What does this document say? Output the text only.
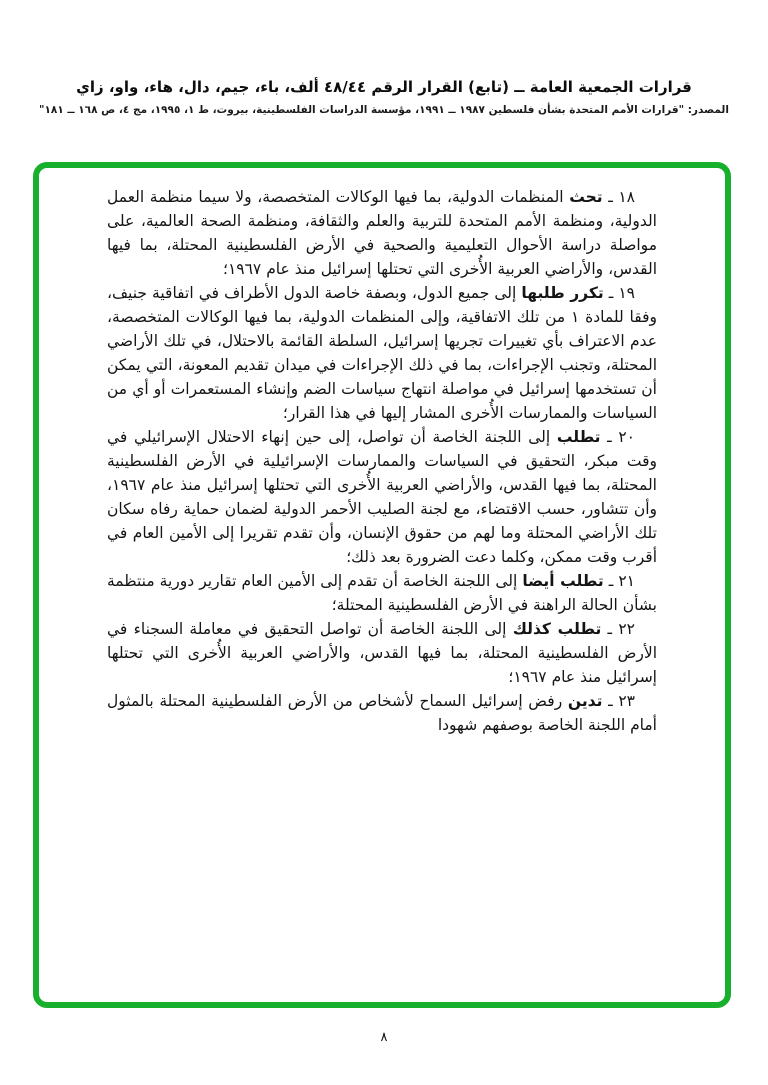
قرارات الجمعية العامة ــ (تابع) القرار الرقم ٤٨/٤٤ ألف، باء، جيم، دال، هاء، واو، زاي
المصدر: "قرارات الأمم المتحدة بشأن فلسطين ١٩٨٧ ــ ١٩٩١، مؤسسة الدراسات الفلسطينية، بيروت، ط ١، ١٩٩٥، مج ٤، ص ١٦٨ ــ ١٨١"

١٨ ـ تحث المنظمات الدولية، بما فيها الوكالات المتخصصة، ولا سيما منظمة العمل الدولية، ومنظمة الأمم المتحدة للتربية والعلم والثقافة، ومنظمة الصحة العالمية، على مواصلة دراسة الأحوال التعليمية والصحية في الأرض الفلسطينية المحتلة، بما فيها القدس، والأراضي العربية الأُخرى التي تحتلها إسرائيل منذ عام ١٩٦٧؛

١٩ ـ تكرر طلبها إلى جميع الدول، وبصفة خاصة الدول الأطراف في اتفاقية جنيف، وفقا للمادة ١ من تلك الاتفاقية، وإلى المنظمات الدولية، بما فيها الوكالات المتخصصة، عدم الاعتراف بأي تغييرات تجريها إسرائيل، السلطة القائمة بالاحتلال، في تلك الأراضي المحتلة، وتجنب الإجراءات، بما في ذلك الإجراءات في ميدان تقديم المعونة، التي يمكن أن تستخدمها إسرائيل في مواصلة انتهاج سياسات الضم وإنشاء المستعمرات أو أي من السياسات والممارسات الأُخرى المشار إليها في هذا القرار؛

٢٠ ـ تطلب إلى اللجنة الخاصة أن تواصل، إلى حين إنهاء الاحتلال الإسرائيلي في وقت مبكر، التحقيق في السياسات والممارسات الإسرائيلية في الأرض الفلسطينية المحتلة، بما فيها القدس، والأراضي العربية الأُخرى التي تحتلها إسرائيل منذ عام ١٩٦٧، وأن تتشاور، حسب الاقتضاء، مع لجنة الصليب الأحمر الدولية لضمان حماية رفاه سكان تلك الأراضي المحتلة وما لهم من حقوق الإنسان، وأن تقدم تقريرا إلى الأمين العام في أقرب وقت ممكن، وكلما دعت الضرورة بعد ذلك؛

٢١ ـ تطلب أيضا إلى اللجنة الخاصة أن تقدم إلى الأمين العام تقارير دورية منتظمة بشأن الحالة الراهنة في الأرض الفلسطينية المحتلة؛

٢٢ ـ تطلب كذلك إلى اللجنة الخاصة أن تواصل التحقيق في معاملة السجناء في الأرض الفلسطينية المحتلة، بما فيها القدس، والأراضي العربية الأُخرى التي تحتلها إسرائيل منذ عام ١٩٦٧؛

٢٣ ـ تدين رفض إسرائيل السماح لأشخاص من الأرض الفلسطينية المحتلة بالمثول أمام اللجنة الخاصة بوصفهم شهودا

٨
